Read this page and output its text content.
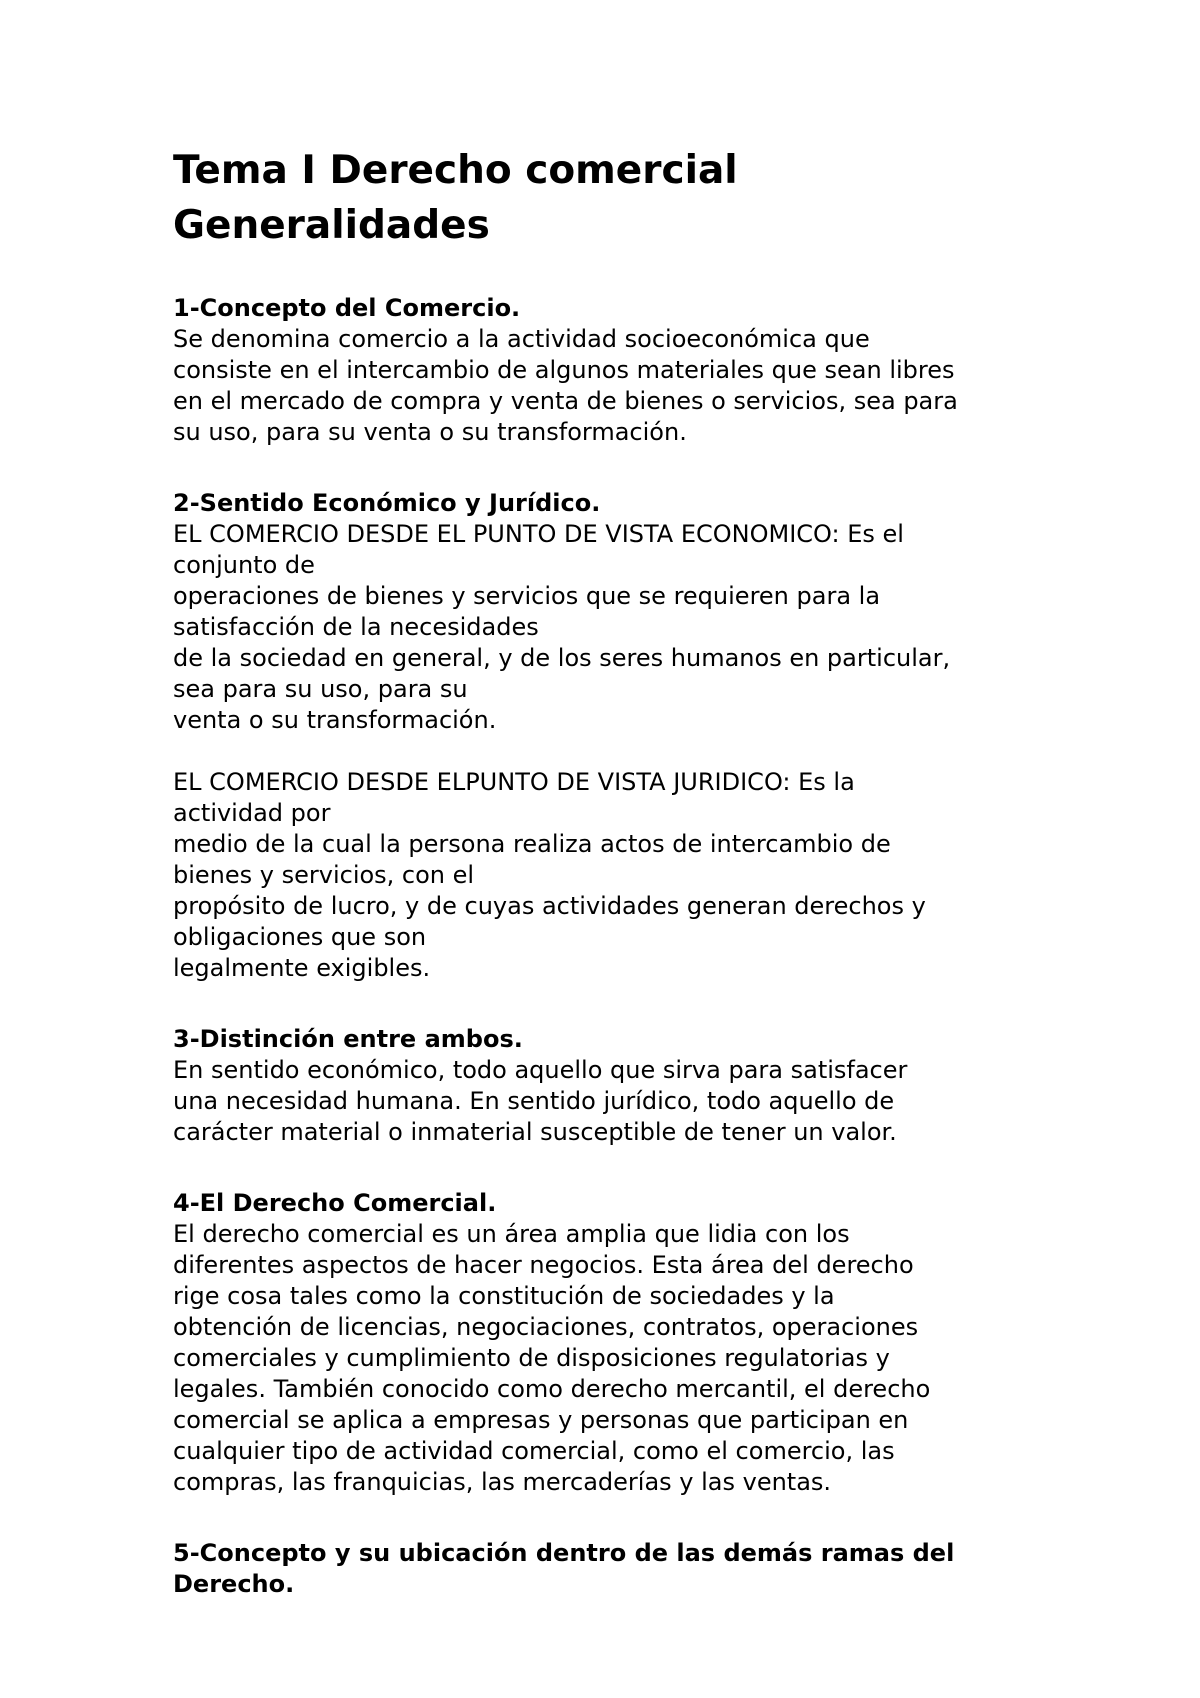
Tema I Derecho comercial
Generalidades
1-Concepto del Comercio.
Se denomina comercio a la actividad socioeconómica que
consiste en el intercambio de algunos materiales que sean libres
en el mercado de compra y venta de bienes o servicios, sea para
su uso, para su venta o su transformación.
2-Sentido Económico y Jurídico.
EL COMERCIO DESDE EL PUNTO DE VISTA ECONOMICO: Es el
conjunto de
operaciones de bienes y servicios que se requieren para la
satisfacción de la necesidades
de la sociedad en general, y de los seres humanos en particular,
sea para su uso, para su
venta o su transformación.
EL COMERCIO DESDE ELPUNTO DE VISTA JURIDICO: Es la
actividad por
medio de la cual la persona realiza actos de intercambio de
bienes y servicios, con el
propósito de lucro, y de cuyas actividades generan derechos y
obligaciones que son
legalmente exigibles.
3-Distinción entre ambos.
En sentido económico, todo aquello que sirva para satisfacer
una necesidad humana. En sentido jurídico, todo aquello de
carácter material o inmaterial susceptible de tener un valor.
4-El Derecho Comercial.
El derecho comercial es un área amplia que lidia con los
diferentes aspectos de hacer negocios. Esta área del derecho
rige cosa tales como la constitución de sociedades y la
obtención de licencias, negociaciones, contratos, operaciones
comerciales y cumplimiento de disposiciones regulatorias y
legales. También conocido como derecho mercantil, el derecho
comercial se aplica a empresas y personas que participan en
cualquier tipo de actividad comercial, como el comercio, las
compras, las franquicias, las mercaderías y las ventas.
5-Concepto y su ubicación dentro de las demás ramas del
Derecho.
